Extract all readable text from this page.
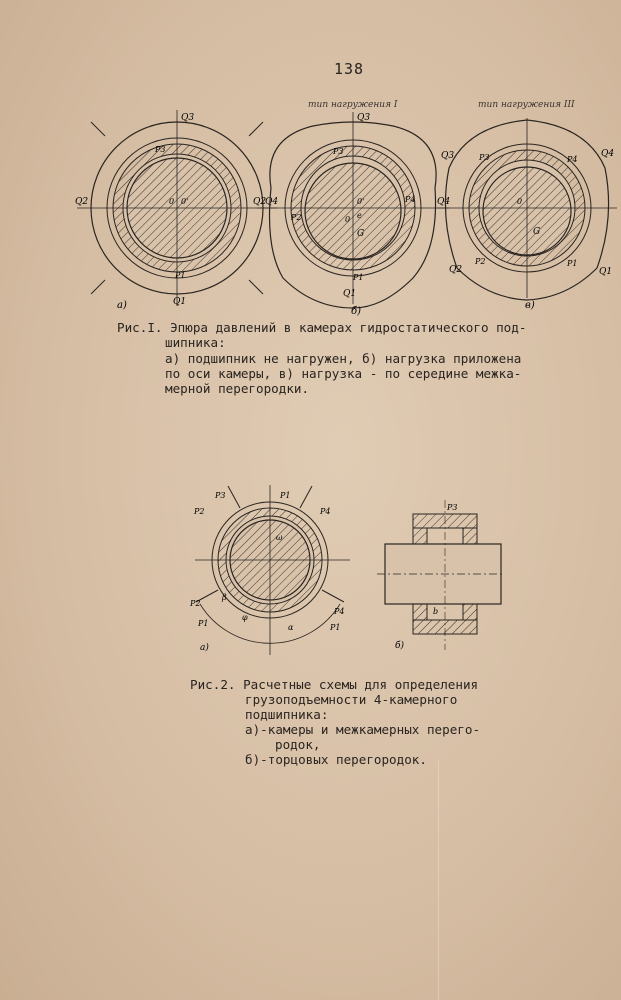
138
тип нагружения I	тип нагружения III
Q3
Q2	Q4
Q1
P3
P1
0 0'
а)
Q3
Q2	Q4
Q1
P3
P4
P2
P1
0
0'
G
e
б)
Q3	Q4
Q2	Q1
P3	P4
P2	P1
0
G
в)
Рис.I. Эпюра давлений в камерах гидростатического под-
шипника:
а) подшипник не нагружен, б) нагрузка приложена
по оси камеры, в) нагрузка - по середине межка-
мерной перегородки.
P3
P2	P4
P1
P2
P4
P1	P1
ω
φ
α
β
а)
P3
b
б)
Рис.2. Расчетные схемы для определения
грузоподъемности 4-камерного
подшипника:
а)-камеры и межкамерных перего-
родок,
б)-торцовых перегородок.
